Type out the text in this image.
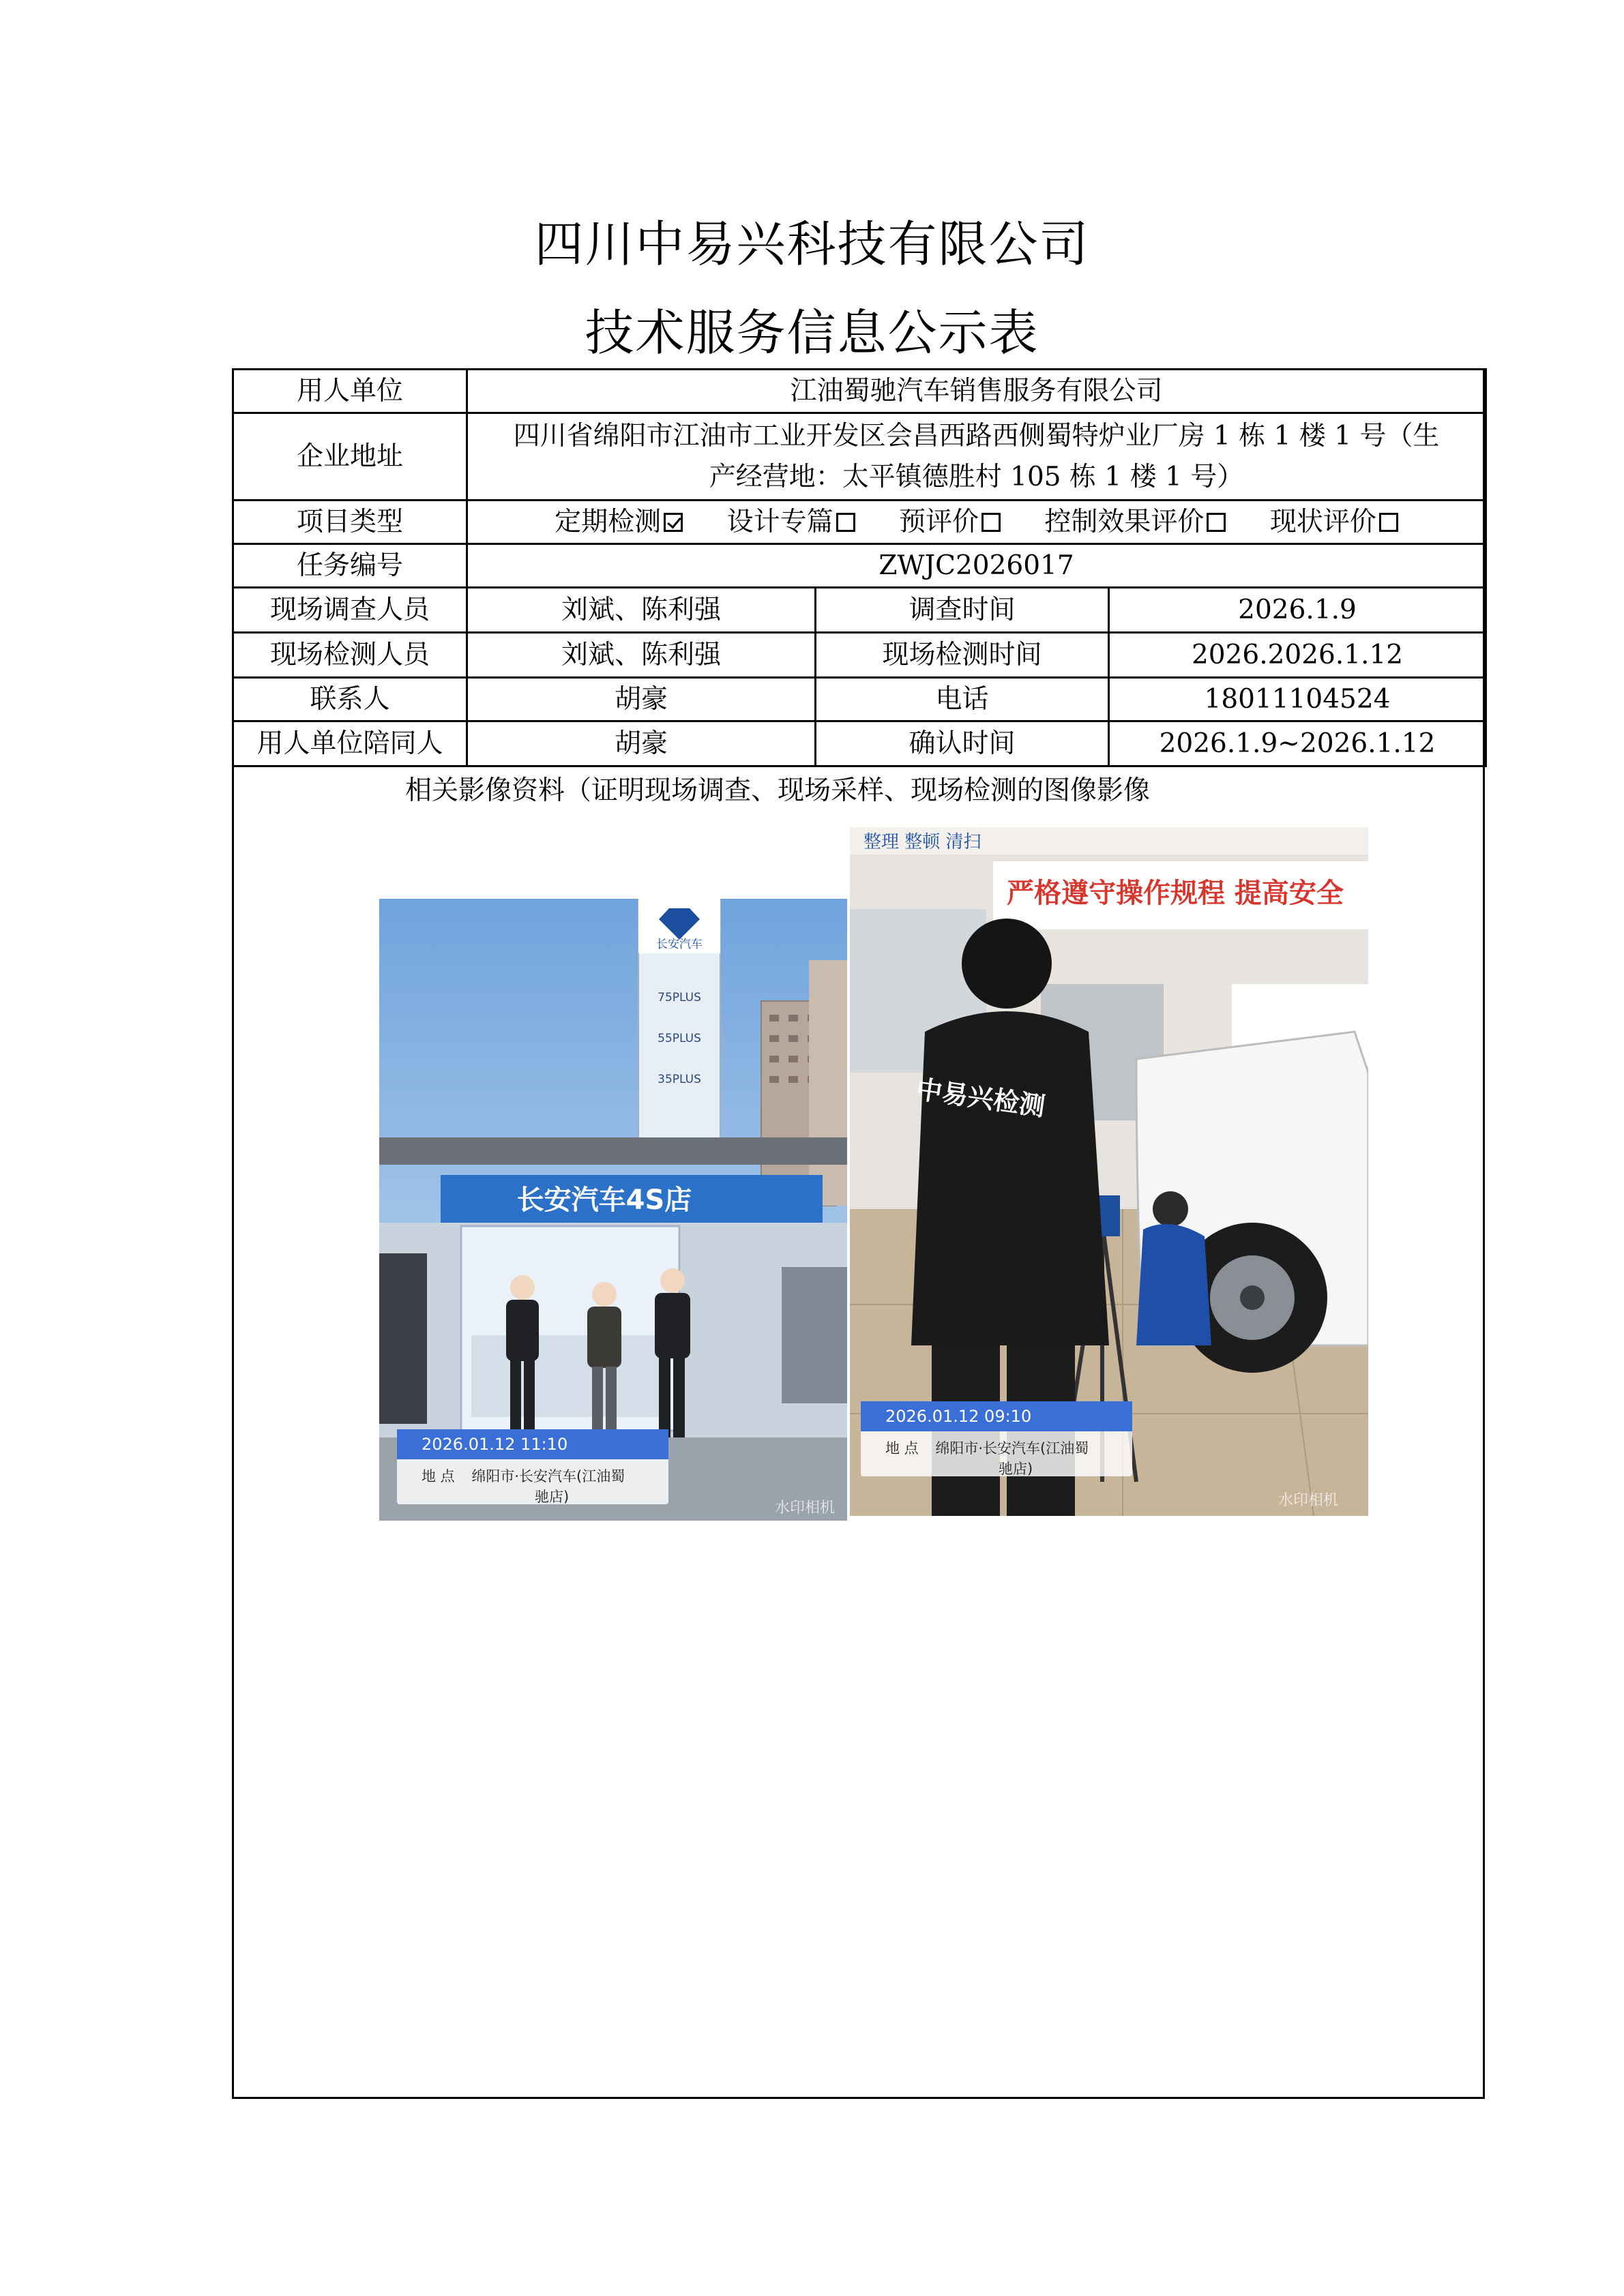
四川中易兴科技有限公司
技术服务信息公示表
用人单位	江油蜀驰汽车销售服务有限公司		
企业地址	四川省绵阳市江油市工业开发区会昌西路西侧蜀特炉业厂房 1 栋 1 楼 1 号（生
产经营地：太平镇德胜村 105 栋 1 楼 1 号）		

项目类型	定期检测 设计专篇 预评价 控制效果评价 现状评价		
任务编号	ZWJC2026017		
现场调查人员	刘斌、陈利强	调查时间	2026.1.9
现场检测人员	刘斌、陈利强	现场检测时间	2026.2026.1.12
联系人	胡豪	电话	18011104524
用人单位陪同人	胡豪	确认时间	2026.1.9~2026.1.12
相关影像资料（证明现场调查、现场采样、现场检测的图像影像
长安汽车
75PLUS
55PLUS
35PLUS
长安汽车4S店
2026.01.12 11:10
地 点 绵阳市·长安汽车(江油蜀
驰店)
水印相机
整理 整顿 清扫
严格遵守操作规程 提高安全
中易兴检测
2026.01.12 09:10
地 点 绵阳市·长安汽车(江油蜀
驰店)
水印相机
